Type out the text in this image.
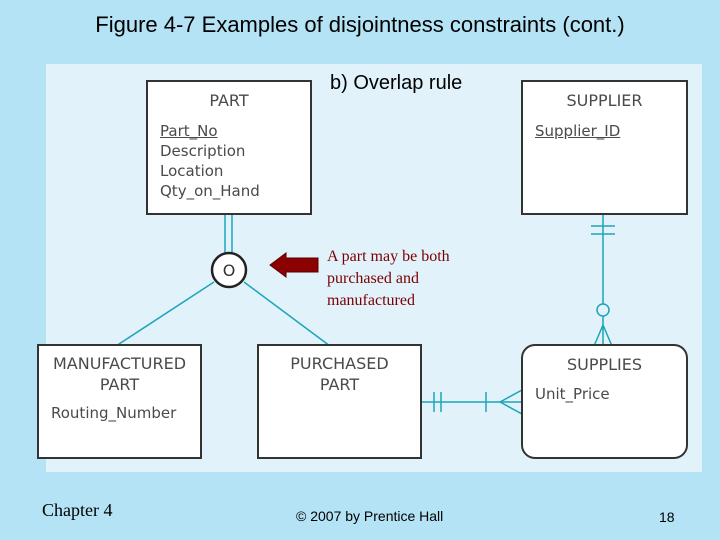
Figure 4-7 Examples of disjointness constraints (cont.)
O
PART
Part_No
Description
Location
Qty_on_Hand
SUPPLIER
Supplier_ID
MANUFACTURED
PART
Routing_Number
PURCHASED
PART
SUPPLIES
Unit_Price
b) Overlap rule
A part may be both purchased and manufactured
Chapter 4	© 2007 by Prentice Hall	18
